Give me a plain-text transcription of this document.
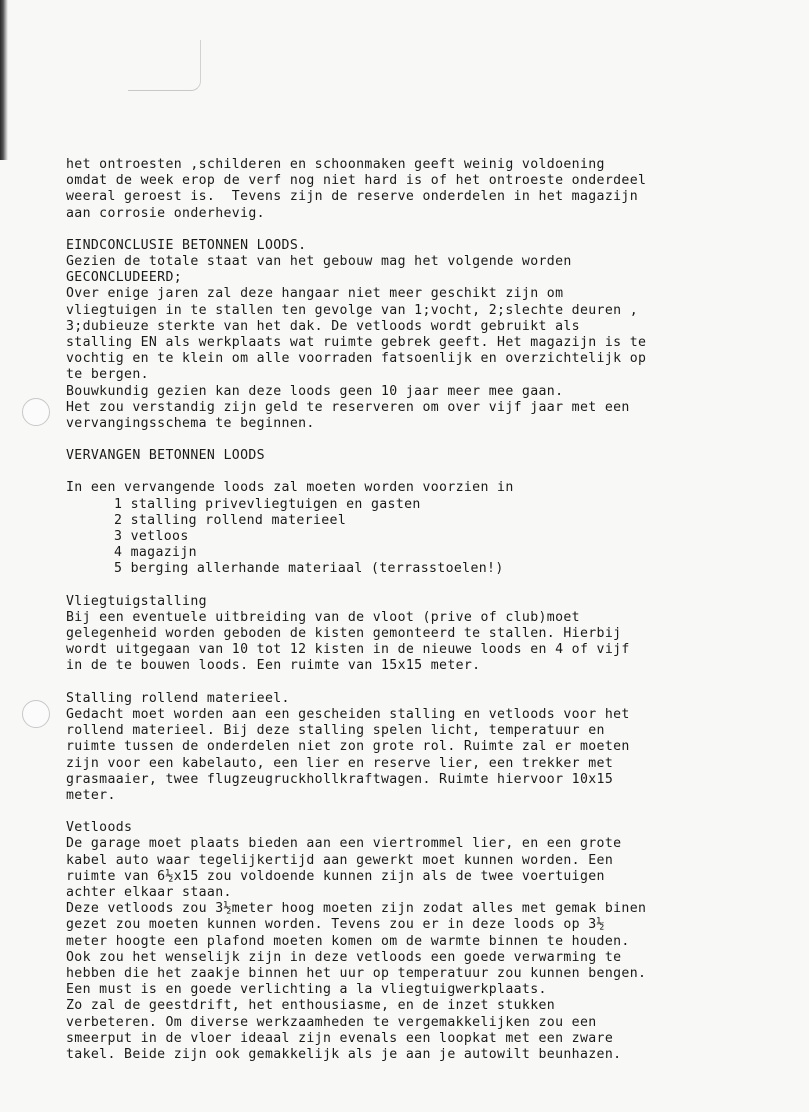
het ontroesten ,schilderen en schoonmaken geeft weinig voldoening
omdat de week erop de verf nog niet hard is of het ontroeste onderdeel
weeral geroest is.  Tevens zijn de reserve onderdelen in het magazijn
aan corrosie onderhevig.
EINDCONCLUSIE BETONNEN LOODS.
Gezien de totale staat van het gebouw mag het volgende worden
GECONCLUDEERD;
Over enige jaren zal deze hangaar niet meer geschikt zijn om
vliegtuigen in te stallen ten gevolge van 1;vocht, 2;slechte deuren ,
3;dubieuze sterkte van het dak. De vetloods wordt gebruikt als
stalling EN als werkplaats wat ruimte gebrek geeft. Het magazijn is te
vochtig en te klein om alle voorraden fatsoenlijk en overzichtelijk op
te bergen.
Bouwkundig gezien kan deze loods geen 10 jaar meer mee gaan.
Het zou verstandig zijn geld te reserveren om over vijf jaar met een
vervangingsschema te beginnen.
VERVANGEN BETONNEN LOODS
In een vervangende loods zal moeten worden voorzien in
1 stalling privevliegtuigen en gasten
2 stalling rollend materieel
3 vetloos
4 magazijn
5 berging allerhande materiaal (terrasstoelen!)
Vliegtuigstalling
Bij een eventuele uitbreiding van de vloot (prive of club)moet
gelegenheid worden geboden de kisten gemonteerd te stallen. Hierbij
wordt uitgegaan van 10 tot 12 kisten in de nieuwe loods en 4 of vijf
in de te bouwen loods. Een ruimte van 15x15 meter.
Stalling rollend materieel.
Gedacht moet worden aan een gescheiden stalling en vetloods voor het
rollend materieel. Bij deze stalling spelen licht, temperatuur en
ruimte tussen de onderdelen niet zon grote rol. Ruimte zal er moeten
zijn voor een kabelauto, een lier en reserve lier, een trekker met
grasmaaier, twee flugzeugruckhollkraftwagen. Ruimte hiervoor 10x15
meter.
Vetloods
De garage moet plaats bieden aan een viertrommel lier, en een grote
kabel auto waar tegelijkertijd aan gewerkt moet kunnen worden. Een
ruimte van 6½x15 zou voldoende kunnen zijn als de twee voertuigen
achter elkaar staan.
Deze vetloods zou 3½meter hoog moeten zijn zodat alles met gemak binen
gezet zou moeten kunnen worden. Tevens zou er in deze loods op 3½
meter hoogte een plafond moeten komen om de warmte binnen te houden.
Ook zou het wenselijk zijn in deze vetloods een goede verwarming te
hebben die het zaakje binnen het uur op temperatuur zou kunnen bengen.
Een must is en goede verlichting a la vliegtuigwerkplaats.
Zo zal de geestdrift, het enthousiasme, en de inzet stukken
verbeteren. Om diverse werkzaamheden te vergemakkelijken zou een
smeerput in de vloer ideaal zijn evenals een loopkat met een zware
takel. Beide zijn ook gemakkelijk als je aan je autowilt beunhazen.
